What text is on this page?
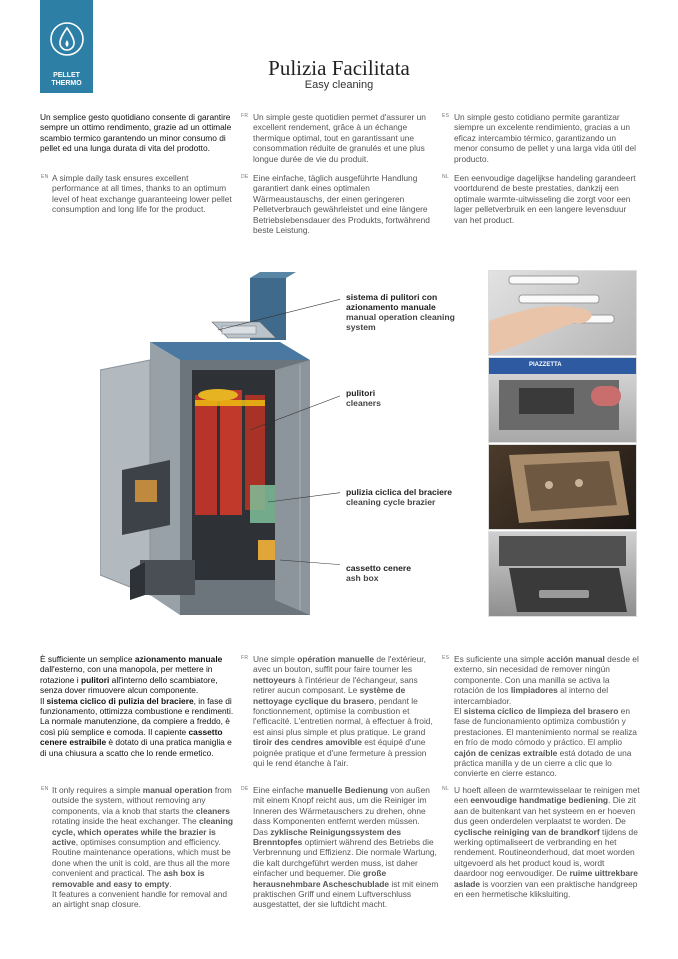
PELLET
THERMO
Pulizia Facilitata
Easy cleaning
Un semplice gesto quotidiano consente di garantire sempre un ottimo rendimento, grazie ad un ottimale scambio termico garantendo un minor consumo di pellet ed una lunga durata di vita del prodotto.
FR Un simple geste quotidien permet d'assurer un excellent rendement, grâce à un échange thermique optimal, tout en garantissant une consommation réduite de granulés et une plus longue durée de vie du produit.
ES Un simple gesto cotidiano permite garantizar siempre un excelente rendimiento, gracias a un eficaz intercambio térmico, garantizando un menor consumo de pellet y una larga vida útil del producto.
EN A simple daily task ensures excellent performance at all times, thanks to an optimum level of heat exchange guaranteeing lower pellet consumption and long life for the product.
DE Eine einfache, täglich ausgeführte Handlung garantiert dank eines optimalen Wärmeaustauschs, der einen geringeren Pelletverbrauch gewährleistet und eine längere Betriebslebensdauer des Produkts, fortwährend beste Leistung.
NL Een eenvoudige dagelijkse handeling garandeert voortdurend de beste prestaties, dankzij een optimale warmte-uitwisseling die zorgt voor een lager pelletverbruik en een langere levensduur van het product.
sistema di pulitori con azionamento manuale
manual operation cleaning system
pulitori
cleaners
pulizia ciclica del braciere
cleaning cycle brazier
cassetto cenere
ash box
PIAZZETTA
È sufficiente un semplice azionamento manuale dall'esterno, con una manopola, per mettere in rotazione i pulitori all'interno dello scambiatore, senza dover rimuovere alcun componente.
Il sistema ciclico di pulizia del braciere, in fase di funzionamento, ottimizza combustione e rendimenti. La normale manutenzione, da compiere a freddo, è così più semplice e comoda. Il capiente cassetto cenere estraibile è dotato di una pratica maniglia e di una chiusura a scatto che lo rende ermetico.
FR Une simple opération manuelle de l'extérieur, avec un bouton, suffit pour faire tourner les nettoyeurs à l'intérieur de l'échangeur, sans retirer aucun composant. Le système de nettoyage cyclique du brasero, pendant le fonctionnement, optimise la combustion et l'efficacité. L'entretien normal, à effectuer à froid, est ainsi plus simple et plus pratique. Le grand tiroir des cendres amovible est équipé d'une poignée pratique et d'une fermeture à pression qui le rend étanche à l'air.
ES Es suficiente una simple acción manual desde el externo, sin necesidad de remover ningún componente. Con una manilla se activa la rotación de los limpiadores al interno del intercambiador.
El sistema cíclico de limpieza del brasero en fase de funcionamiento optimiza combustión y prestaciones. El mantenimiento normal se realiza en frío de modo cómodo y práctico. El amplio cajón de cenizas extraíble está dotado de una práctica manilla y de un cierre a clic que lo convierte en cierre estanco.
EN It only requires a simple manual operation from outside the system, without removing any components, via a knob that starts the cleaners rotating inside the heat exchanger. The cleaning cycle, which operates while the brazier is active, optimises consumption and efficiency. Routine maintenance operations, which must be done when the unit is cold, are thus all the more convenient and practical. The ash box is removable and easy to empty.
It features a convenient handle for removal and an airtight snap closure.
DE Eine einfache manuelle Bedienung von außen mit einem Knopf reicht aus, um die Reiniger im Inneren des Wärmetauschers zu drehen, ohne dass Komponenten entfernt werden müssen.
Das zyklische Reinigungssystem des Brenntopfes optimiert während des Betriebs die Verbrennung und Effizienz. Die normale Wartung, die kalt durchgeführt werden muss, ist daher einfacher und bequemer. Die große herausnehmbare Ascheschublade ist mit einem praktischen Griff und einem Luftverschluss ausgestattet, der sie luftdicht macht.
NL U hoeft alleen de warmtewisselaar te reinigen met een eenvoudige handmatige bediening. Die zit aan de buitenkant van het systeem en er hoeven dus geen onderdelen verplaatst te worden. De cyclische reiniging van de brandkorf tijdens de werking optimaliseert de verbranding en het rendement. Routineonderhoud, dat moet worden uitgevoerd als het product koud is, wordt daardoor nog eenvoudiger. De ruime uittrekbare aslade is voorzien van een praktische handgreep en een hermetische kliksluiting.
